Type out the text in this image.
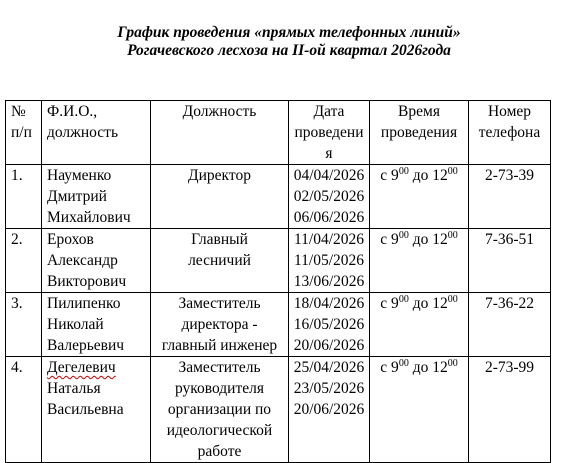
График проведения «прямых телефонных линий»
Рогачевского лесхоза на II-ой квартал 2026года
№
п/п	Ф.И.О.,
должность	Должность	Дата
проведени
я	Время
проведения	Номер
телефона

1.	Науменко
Дмитрий
Михайлович	Директор	04/04/2026
02/05/2026
06/06/2026	с $9^{00}$ до $12^{00}$	2-73-39
2.	Ерохов
Александр
Викторович	Главный
лесничий	11/04/2026
11/05/2026
13/06/2026	с $9^{00}$ до $12^{00}$	7-36-51
3.	Пилипенко
Николай
Валерьевич	Заместитель
директора -
главный инженер	18/04/2026
16/05/2026
20/06/2026	с $9^{00}$ до $12^{00}$	7-36-22
4.	Дегелевич
Наталья
Васильевна	Заместитель
руководителя
организации по
идеологической
работе	25/04/2026
23/05/2026
20/06/2026	с $9^{00}$ до $12^{00}$	2-73-99
